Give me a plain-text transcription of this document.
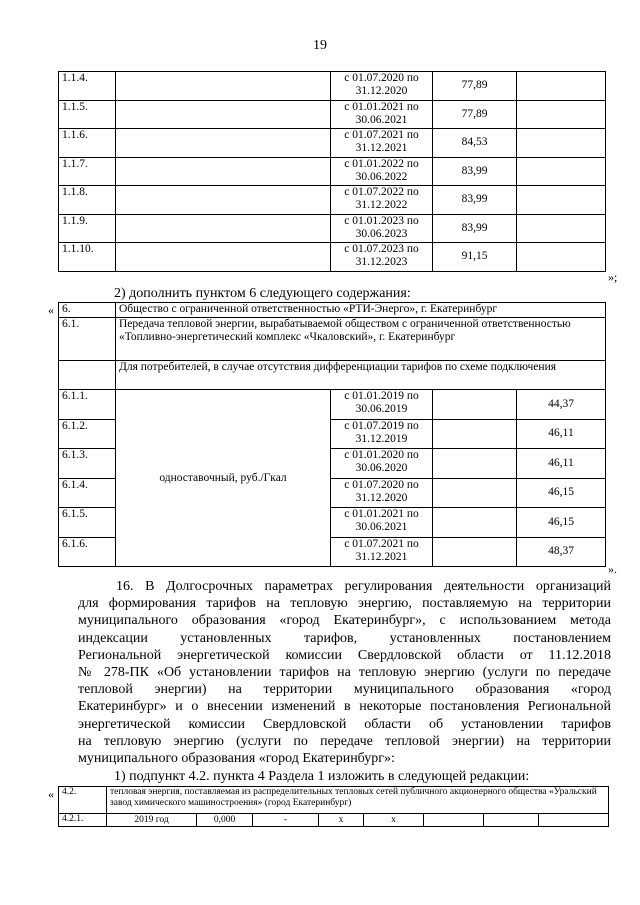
19
1.1.4.		с 01.07.2020 по 31.12.2020	77,89	
1.1.5.		с 01.01.2021 по 30.06.2021	77,89	
1.1.6.		с 01.07.2021 по 31.12.2021	84,53	
1.1.7.		с 01.01.2022 по 30.06.2022	83,99	
1.1.8.		с 01.07.2022 по 31.12.2022	83,99	
1.1.9.		с 01.01.2023 по 30.06.2023	83,99	
1.1.10.		с 01.07.2023 по 31.12.2023	91,15	
»;
2) дополнить пунктом 6 следующего содержания:
« 6.	Общество с ограниченной ответственностью «РТИ-Энерго», г. Екатеринбург			
6.1.	Передача тепловой энергии, вырабатываемой обществом с ограниченной ответственностью «Топливно-энергетический комплекс «Чкаловский», г. Екатеринбург			
	Для потребителей, в случае отсутствия дифференциации тарифов по схеме подключения			
6.1.1.	одноставочный, руб./Гкал	с 01.01.2019 по 30.06.2019		44,37
6.1.2.		с 01.07.2019 по 31.12.2019		46,11
6.1.3.		с 01.01.2020 по 30.06.2020		46,11
6.1.4.		с 01.07.2020 по 31.12.2020		46,15
6.1.5.		с 01.01.2021 по 30.06.2021		46,15
6.1.6.		с 01.07.2021 по 31.12.2021		48,37
».
16. В Долгосрочных параметрах регулирования деятельности организаций
для формирования тарифов на тепловую энергию, поставляемую на территории
муниципального образования «город Екатеринбург», с использованием метода
индексации установленных тарифов, установленных постановлением
Региональной энергетической комиссии Свердловской области от 11.12.2018
№ 278-ПК «Об установлении тарифов на тепловую энергию (услуги по передаче
тепловой энергии) на территории муниципального образования «город
Екатеринбург» и о внесении изменений в некоторые постановления Региональной
энергетической комиссии Свердловской области об установлении тарифов
на тепловую энергию (услуги по передаче тепловой энергии) на территории
муниципального образования «город Екатеринбург»:
1) подпункт 4.2. пункта 4 Раздела 1 изложить в следующей редакции:
« 4.2.	тепловая энергия, поставляемая из распределительных тепловых сетей публичного акционерного общества «Уральский завод химического машиностроения» (город Екатеринбург)							
4.2.1.	2019 год	0,000	-	х	х			
